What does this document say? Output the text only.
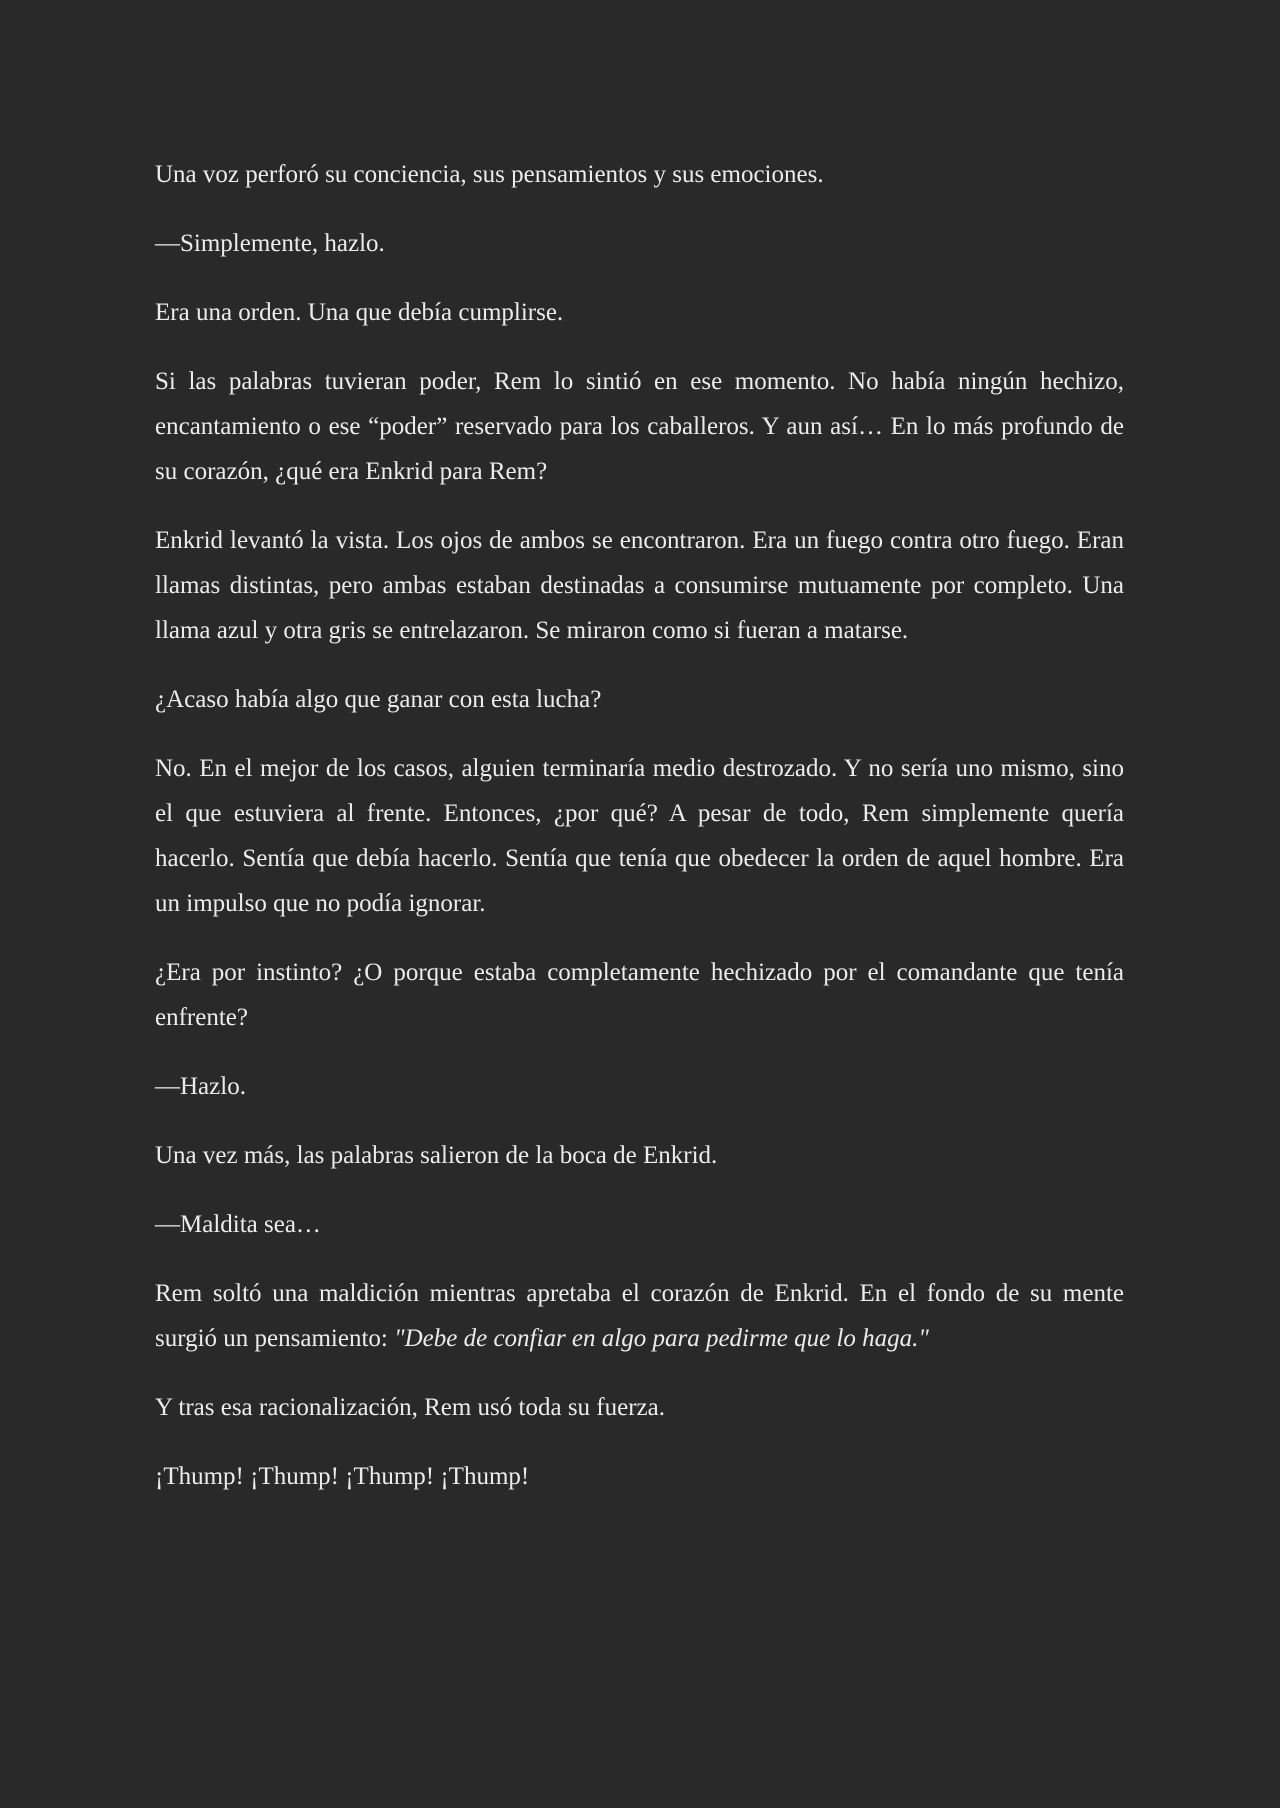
Una voz perforó su conciencia, sus pensamientos y sus emociones.

—Simplemente, hazlo.

Era una orden. Una que debía cumplirse.

Si las palabras tuvieran poder, Rem lo sintió en ese momento. No había ningún hechizo, encantamiento o ese “poder” reservado para los caballeros. Y aun así… En lo más profundo de su corazón, ¿qué era Enkrid para Rem?

Enkrid levantó la vista. Los ojos de ambos se encontraron. Era un fuego contra otro fuego. Eran llamas distintas, pero ambas estaban destinadas a consumirse mutuamente por completo. Una llama azul y otra gris se entrelazaron. Se miraron como si fueran a matarse.

¿Acaso había algo que ganar con esta lucha?

No. En el mejor de los casos, alguien terminaría medio destrozado. Y no sería uno mismo, sino el que estuviera al frente. Entonces, ¿por qué? A pesar de todo, Rem simplemente quería hacerlo. Sentía que debía hacerlo. Sentía que tenía que obedecer la orden de aquel hombre. Era un impulso que no podía ignorar.

¿Era por instinto? ¿O porque estaba completamente hechizado por el comandante que tenía enfrente?

—Hazlo.

Una vez más, las palabras salieron de la boca de Enkrid.

—Maldita sea…

Rem soltó una maldición mientras apretaba el corazón de Enkrid. En el fondo de su mente surgió un pensamiento: "Debe de confiar en algo para pedirme que lo haga."

Y tras esa racionalización, Rem usó toda su fuerza.

¡Thump! ¡Thump! ¡Thump! ¡Thump!
